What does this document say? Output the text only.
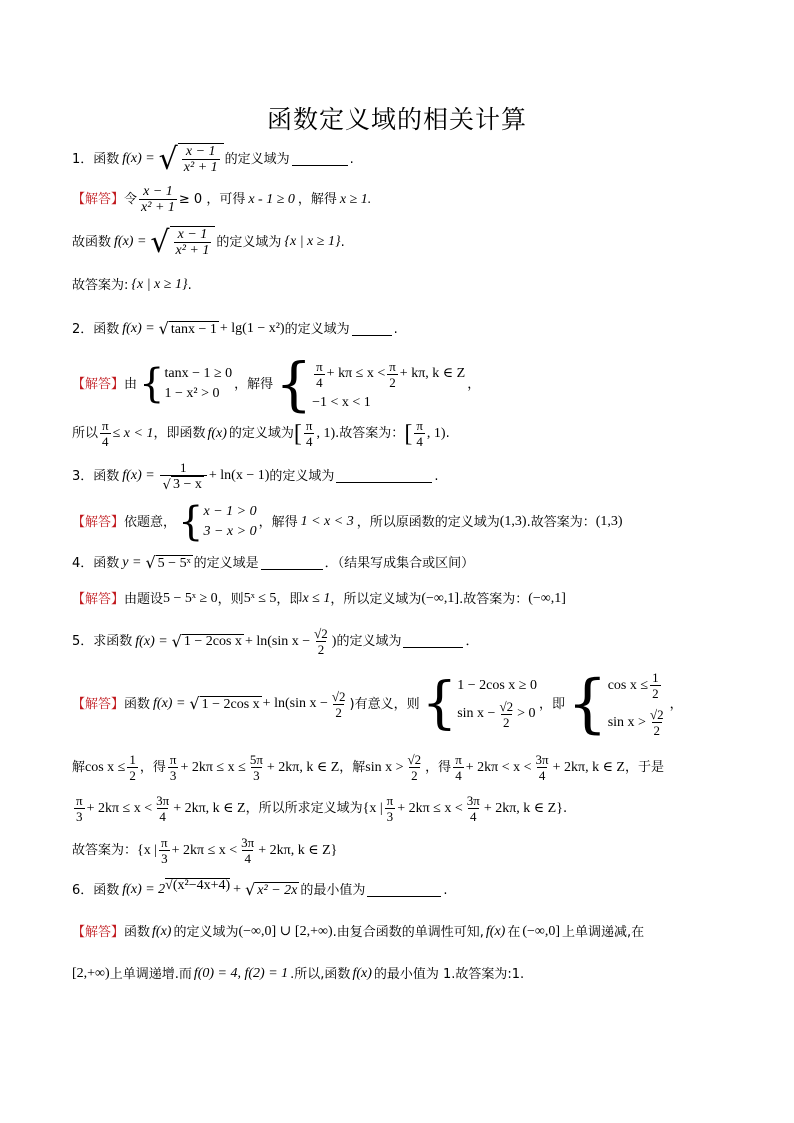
函数定义域的相关计算
1． 函数 f(x) = √ $\frac{x - 1}{\text{x² + 1}}$ 的定义域为	.
【解答】 令 $\frac{x - 1}{\text{x² + 1}} \ge 0$ ，可得 x - 1 ≥ 0 ，解得 x ≥ 1.
故函数 f(x) = √ $\frac{x - 1}{\text{x² + 1}}$ 的定义域为 {x | x ≥ 1} .
故答案为: {x | x ≥ 1} .
2． 函数 f(x) = √ tanx − 1 + lg(1 − x²) 的定义域为	.
【解答】 由 { tanx − 1 ≥ 0
1 − x² > 0
，解得 { $\frac{\pi}{4} + k\pi \le x < \frac{\pi}{2} + k\pi$, k ∈ Z
−1 < x < 1
，
所以 $\frac{\pi}{4} \le x < 1$ ，即函数 f(x) 的定义域为 [ $\frac{\pi}{4}$ , 1) .故答案为： [ $\frac{\pi}{4}$ , 1) .
3． 函数 $f(x) = \frac{1}{√ 3 - x} + \ln(x - 1)$ 的定义域为	.
【解答】 依题意， { x − 1 > 0
3 − x > 0
，解得 1 < x < 3 ，所以原函数的定义域为 (1,3) .故答案为： (1,3)
4． 函数 y = √ 5 − 5ˣ 的定义域是	．（结果写成集合或区间）
【解答】 由题设 5 − 5ˣ ≥ 0 ，则 5ˣ ≤ 5 ，即 x ≤ 1 ，所以定义域为 (−∞,1] .故答案为： (−∞,1]
5． 求函数 f(x) = √ 1 − 2cos x + ln(sin $x - \frac{√2}{2}$ ) 的定义域为	．
【解答】 函数 f(x) = √ 1 − 2cos x + ln(sin $x - \frac{√2}{2}$ )有意义，则 { 1 − 2cos x ≥ 0
$\sin x - \frac{√2}{2} > 0$
，即 { $\cos x \le \frac{1}{2}$
$\sin x > \frac{√2}{2}$
，
解 $\cos x \le \frac{1}{2}$ ，得 $\frac{\pi}{3} + 2k\pi \le x \le \frac{5\pi}{3} + 2k\pi$, k ∈ Z ，解 $\sin x > \frac{√2}{2}$ ，得 $\frac{\pi}{4} + 2k\pi < x < \frac{3\pi}{4} + 2k\pi$, k ∈ Z ，于是
$\frac{\pi}{3} + 2k\pi \le x < \frac{3\pi}{4} + 2k\pi$, k ∈ Z ，所以所求定义域为 {x | $\frac{\pi}{3} + 2k\pi \le x < \frac{3\pi}{4} + 2k\pi$, k ∈ Z} .
故答案为： {x | $\frac{\pi}{3} + 2k\pi \le x < \frac{3\pi}{4} + 2k\pi$, k ∈ Z}
6． 函数 f(x) = 2 √(x²−4x+4) + √ x² − 2x 的最小值为	.
【解答】 函数 f(x) 的定义域为 (−∞,0] ∪ [2,+∞) .由复合函数的单调性可知, f(x) 在 (−∞,0] 上单调递减,在
[2,+∞) 上单调递增.而 f(0) = 4, f(2) = 1 .所以,函数 f(x) 的最小值为 1.故答案为:1.
